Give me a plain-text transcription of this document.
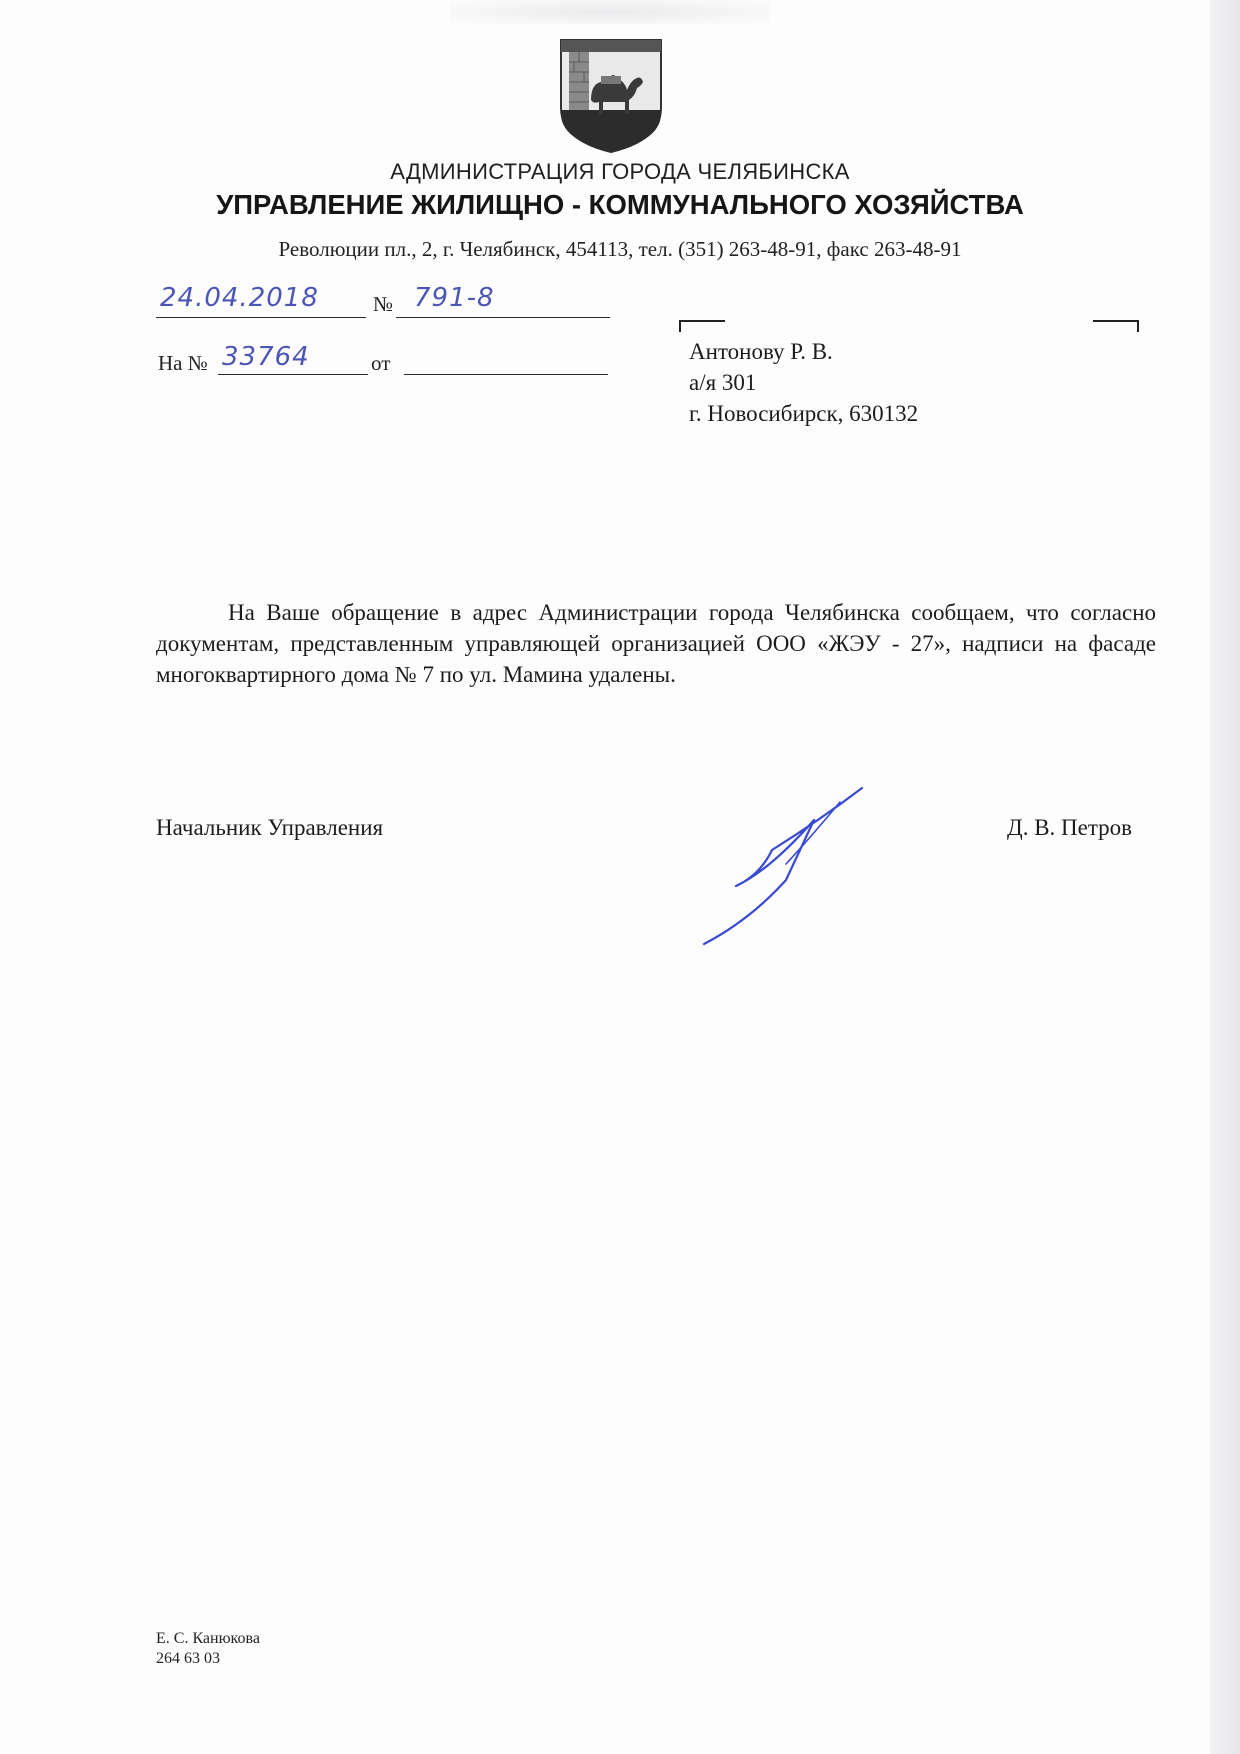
АДМИНИСТРАЦИЯ ГОРОДА ЧЕЛЯБИНСКА
УПРАВЛЕНИЕ ЖИЛИЩНО - КОММУНАЛЬНОГО ХОЗЯЙСТВА
Революции пл., 2, г. Челябинск, 454113, тел. (351) 263-48-91, факс 263-48-91
24.04.2018	№ 791-8
На № 33764	от	Антонову Р. В.
а/я 301
г. Новосибирск, 630132
На Ваше обращение в адрес Администрации города Челябинска сообщаем, что согласно документам, представленным управляющей организацией ООО «ЖЭУ - 27», надписи на фасаде многоквартирного дома № 7 по ул. Мамина удалены.
Начальник Управления	Д. В. Петров
Е. С. Канюкова
264 63 03
